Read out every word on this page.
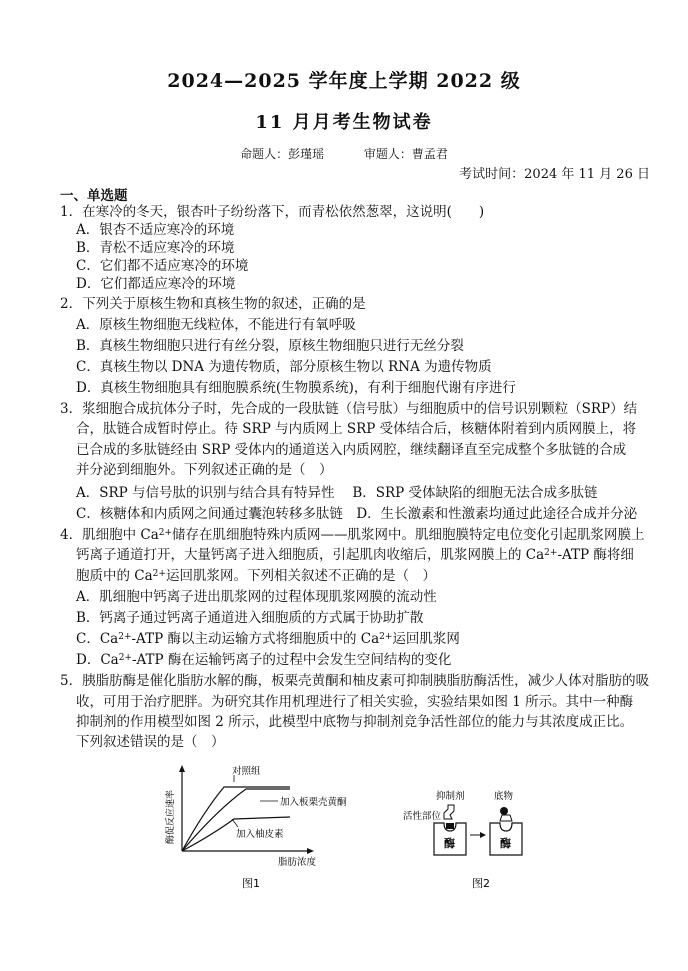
2024—2025 学年度上学期 2022 级
11 月月考生物试卷
命题人：彭瑾瑶	审题人：曹孟君
考试时间：2024 年 11 月 26 日
一、单选题
1．在寒冷的冬天，银杏叶子纷纷落下，而青松依然葱翠，这说明(　　)
A．银杏不适应寒冷的环境
B．青松不适应寒冷的环境
C．它们都不适应寒冷的环境
D．它们都适应寒冷的环境
2．下列关于原核生物和真核生物的叙述，正确的是
A．原核生物细胞无线粒体，不能进行有氧呼吸
B．真核生物细胞只进行有丝分裂，原核生物细胞只进行无丝分裂
C．真核生物以 DNA 为遗传物质，部分原核生物以 RNA 为遗传物质
D．真核生物细胞具有细胞膜系统(生物膜系统)，有利于细胞代谢有序进行
3．浆细胞合成抗体分子时，先合成的一段肽链（信号肽）与细胞质中的信号识别颗粒（SRP）结
合，肽链合成暂时停止。待 SRP 与内质网上 SRP 受体结合后，核糖体附着到内质网膜上，将
已合成的多肽链经由 SRP 受体内的通道送入内质网腔，继续翻译直至完成整个多肽链的合成
并分泌到细胞外。下列叙述正确的是（　）
A．SRP 与信号肽的识别与结合具有特异性　 B．SRP 受体缺陷的细胞无法合成多肽链
C．核糖体和内质网之间通过囊泡转移多肽链　D．生长激素和性激素均通过此途径合成并分泌
4．肌细胞中 $Ca^{2+}$储存在肌细胞特殊内质网——肌浆网中。肌细胞膜特定电位变化引起肌浆网膜上
钙离子通道打开，大量钙离子进入细胞质，引起肌肉收缩后，肌浆网膜上的 $Ca^{2+}$-ATP 酶将细
胞质中的 $Ca^{2+}$运回肌浆网。下列相关叙述不正确的是（　）
A．肌细胞中钙离子进出肌浆网的过程体现肌浆网膜的流动性
B．钙离子通过钙离子通道进入细胞质的方式属于协助扩散
C．$Ca^{2+}$-ATP 酶以主动运输方式将细胞质中的 $Ca^{2+}$运回肌浆网
D．$Ca^{2+}$-ATP 酶在运输钙离子的过程中会发生空间结构的变化
5．胰脂肪酶是催化脂肪水解的酶，板栗壳黄酮和柚皮素可抑制胰脂肪酶活性，减少人体对脂肪的吸
收，可用于治疗肥胖。为研究其作用机理进行了相关实验，实验结果如图 1 所示。其中一种酶
抑制剂的作用模型如图 2 所示，此模型中底物与抑制剂竞争活性部位的能力与其浓度成正比。
下列叙述错误的是（　）
酶促反应速率
对照组
加入板栗壳黄酮
加入柚皮素
脂肪浓度
图1
抑制剂	底物
活性部位
酶	酶
图2
